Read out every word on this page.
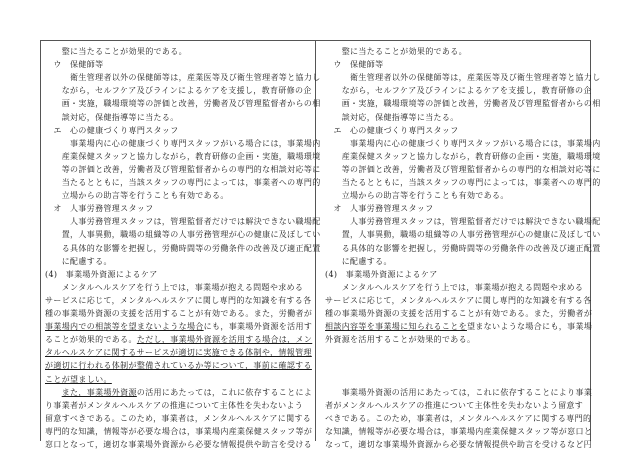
　　整に当たることが効果的である。
　ウ　保健師等
　　　衛生管理者以外の保健師等は，産業医等及び衛生管理者等と協力し
　　ながら，セルフケア及びラインによるケアを支援し，教育研修の企
　　画・実施，職場環境等の評価と改善，労働者及び管理監督者からの相
　　談対応，保健指導等に当たる。
　エ　心の健康づくり専門スタッフ
　　　事業場内に心の健康づくり専門スタッフがいる場合には，事業場内
　　産業保健スタッフと協力しながら，教育研修の企画・実施，職場環境
　　等の評価と改善，労働者及び管理監督者からの専門的な相談対応等に
　　当たるとともに，当該スタッフの専門によっては，事業者への専門的
　　立場からの助言等を行うことも有効である。
　オ　人事労務管理スタッフ
　　　人事労務管理スタッフは，管理監督者だけでは解決できない職場配
　　置，人事異動，職場の組織等の人事労務管理が心の健康に及ぼしてい
　　る具体的な影響を把握し，労働時間等の労働条件の改善及び適正配置
　　に配慮する。
(4)　事業場外資源によるケア
　　メンタルヘルスケアを行う上では，事業場が抱える問題や求める
サービスに応じて，メンタルヘルスケアに関し専門的な知識を有する各
種の事業場外資源の支援を活用することが有効である。また，労働者が
事業場内での相談等を望まないような場合にも，事業場外資源を活用す
ることが効果的である。ただし，事業場外資源を活用する場合は，メン
タルヘルスケアに関するサービスが適切に実施できる体制や，情報管理
が適切に行われる体制が整備されているか等について，事前に確認する
ことが望ましい。
　　また，事業場外資源の活用にあたっては，これに依存することによ
り事業者がメンタルヘルスケアの推進について主体性を失わないよう
留意すべきである。このため，事業者は，メンタルヘルスケアに関する
専門的な知識，情報等が必要な場合は，事業場内産業保健スタッフ等が
窓口となって，適切な事業場外資源から必要な情報提供や助言を受ける
　　整に当たることが効果的である。
　ウ　保健師等
　　　衛生管理者以外の保健師等は，産業医等及び衛生管理者等と協力し
　　ながら，セルフケア及びラインによるケアを支援し，教育研修の企
　　画・実施，職場環境等の評価と改善，労働者及び管理監督者からの相
　　談対応，保健指導等に当たる。
　エ　心の健康づくり専門スタッフ
　　　事業場内に心の健康づくり専門スタッフがいる場合には，事業場内
　　産業保健スタッフと協力しながら，教育研修の企画・実施，職場環境
　　等の評価と改善，労働者及び管理監督者からの専門的な相談対応等に
　　当たるとともに，当該スタッフの専門によっては，事業者への専門的
　　立場からの助言等を行うことも有効である。
　オ　人事労務管理スタッフ
　　　人事労務管理スタッフは，管理監督者だけでは解決できない職場配
　　置，人事異動，職場の組織等の人事労務管理が心の健康に及ぼしてい
　　る具体的な影響を把握し，労働時間等の労働条件の改善及び適正配置
　　に配慮する。
(4)　事業場外資源によるケア
　　メンタルヘルスケアを行う上では，事業場が抱える問題や求める
サービスに応じて，メンタルヘルスケアに関し専門的な知識を有する各
種の事業場外資源の支援を活用することが有効である。また，労働者が
相談内容等を事業場に知られることを望まないような場合にも，事業場
外資源を活用することが効果的である。
　　事業場外資源の活用にあたっては，これに依存することにより事業
者がメンタルヘルスケアの推進について主体性を失わないよう留意す
べきである。このため，事業者は，メンタルヘルスケアに関する専門的
な知識，情報等が必要な場合は，事業場内産業保健スタッフ等が窓口と
なって，適切な事業場外資源から必要な情報提供や助言を受けるなど円
